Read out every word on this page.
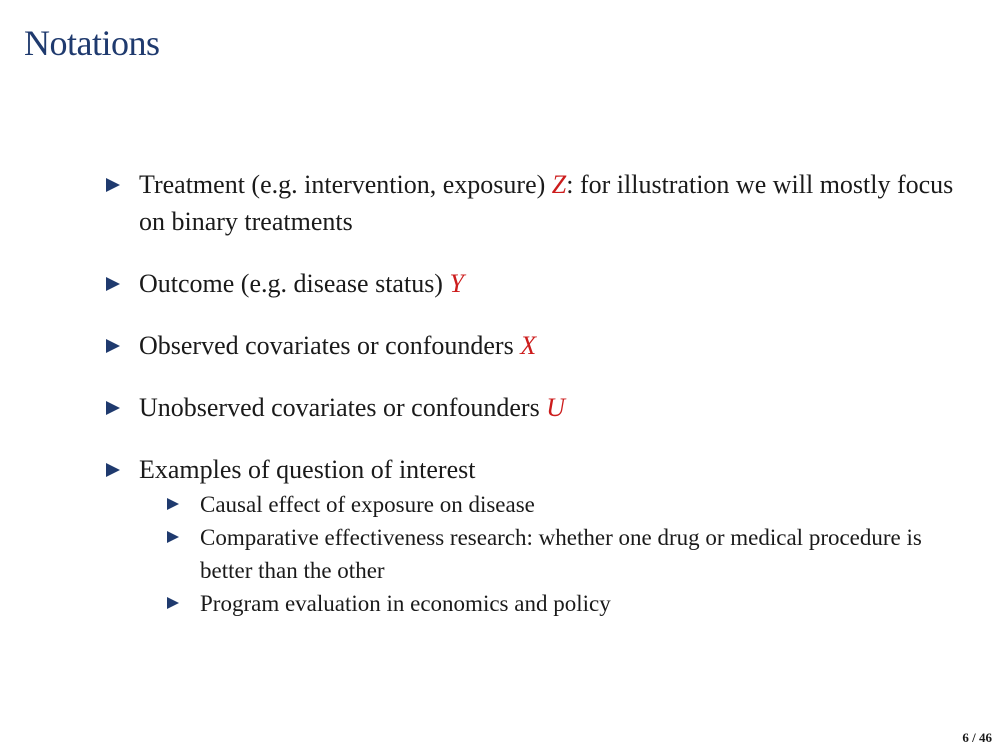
Notations
Treatment (e.g. intervention, exposure) Z: for illustration we will mostly focus on binary treatments
Outcome (e.g. disease status) Y
Observed covariates or confounders X
Unobserved covariates or confounders U
Examples of question of interest
Causal effect of exposure on disease
Comparative effectiveness research: whether one drug or medical procedure is better than the other
Program evaluation in economics and policy
6 / 46
